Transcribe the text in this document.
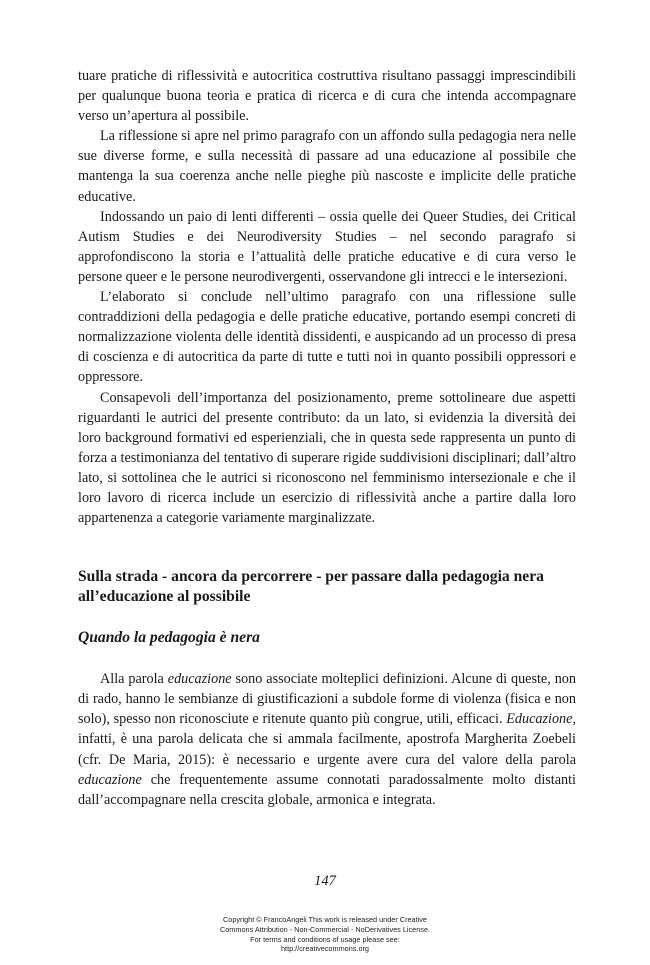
tuare pratiche di riflessività e autocritica costruttiva risultano passaggi imprescindibili per qualunque buona teoria e pratica di ricerca e di cura che intenda accompagnare verso un’apertura al possibile.

La riflessione si apre nel primo paragrafo con un affondo sulla pedagogia nera nelle sue diverse forme, e sulla necessità di passare ad una educazione al possibile che mantenga la sua coerenza anche nelle pieghe più nascoste e implicite delle pratiche educative.

Indossando un paio di lenti differenti – ossia quelle dei Queer Studies, dei Critical Autism Studies e dei Neurodiversity Studies – nel secondo paragrafo si approfondiscono la storia e l’attualità delle pratiche educative e di cura verso le persone queer e le persone neurodivergenti, osservandone gli intrecci e le intersezioni.

L’elaborato si conclude nell’ultimo paragrafo con una riflessione sulle contraddizioni della pedagogia e delle pratiche educative, portando esempi concreti di normalizzazione violenta delle identità dissidenti, e auspicando ad un processo di presa di coscienza e di autocritica da parte di tutte e tutti noi in quanto possibili oppressori e oppressore.

Consapevoli dell’importanza del posizionamento, preme sottolineare due aspetti riguardanti le autrici del presente contributo: da un lato, si evidenzia la diversità dei loro background formativi ed esperienziali, che in questa sede rappresenta un punto di forza a testimonianza del tentativo di superare rigide suddivisioni disciplinari; dall’altro lato, si sottolinea che le autrici si riconoscono nel femminismo intersezionale e che il loro lavoro di ricerca include un esercizio di riflessività anche a partire dalla loro appartenenza a categorie variamente marginalizzate.

Sulla strada - ancora da percorrere - per passare dalla pedagogia nera all’educazione al possibile
Quando la pedagogia è nera

Alla parola educazione sono associate molteplici definizioni. Alcune di queste, non di rado, hanno le sembianze di giustificazioni a subdole forme di violenza (fisica e non solo), spesso non riconosciute e ritenute quanto più congrue, utili, efficaci. Educazione, infatti, è una parola delicata che si ammala facilmente, apostrofa Margherita Zoebeli (cfr. De Maria, 2015): è necessario e urgente avere cura del valore della parola educazione che frequentemente assume connotati paradossalmente molto distanti dall’accompagnare nella crescita globale, armonica e integrata.

147
Copyright © FrancoAngeli This work is released under Creative
Commons Attribution - Non-Commercial - NoDerivatives License.
For terms and conditions of usage please see:
http://creativecommons.org
